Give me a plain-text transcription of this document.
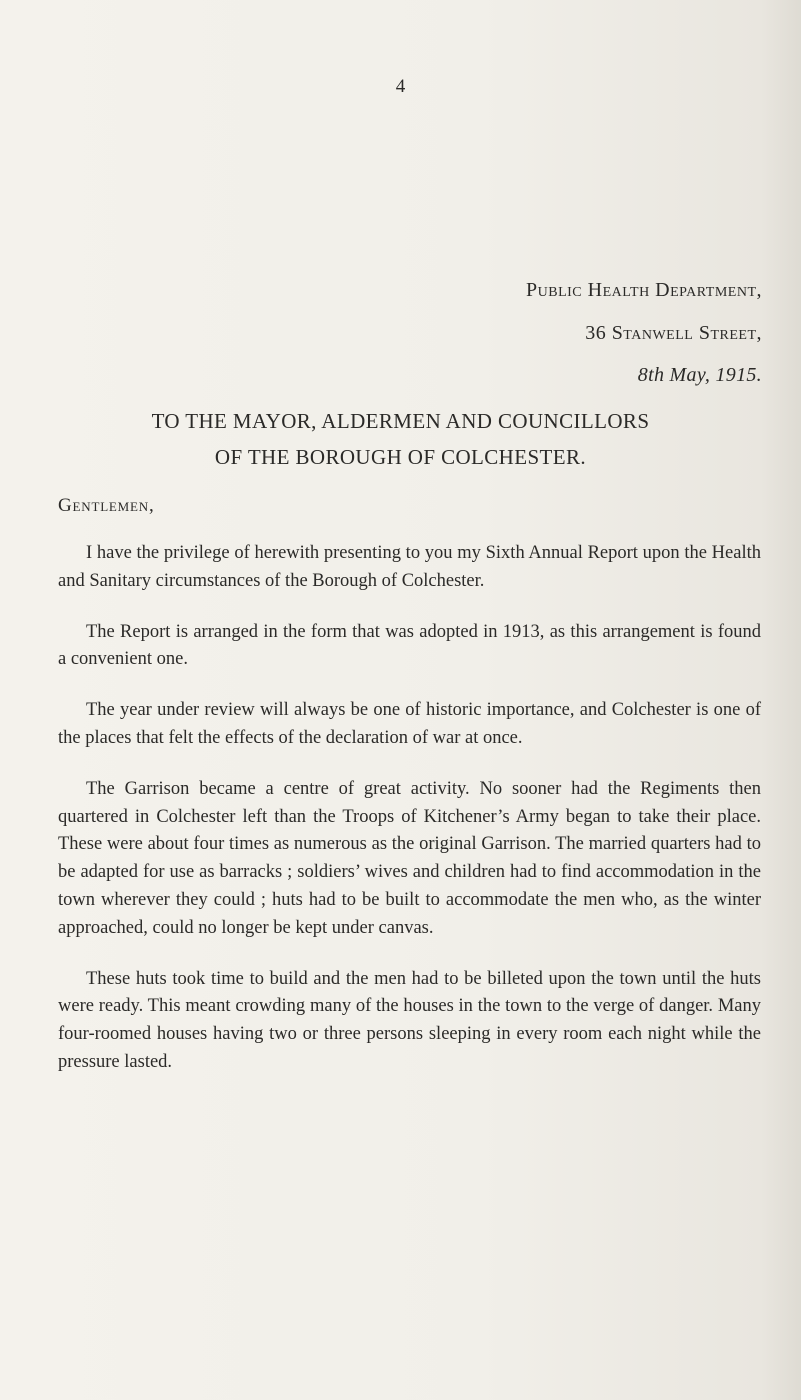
4
Public Health Department,
36 Stanwell Street,
8th May, 1915.
TO THE MAYOR, ALDERMEN AND COUNCILLORS
OF THE BOROUGH OF COLCHESTER.
Gentlemen,

I have the privilege of herewith presenting to you my Sixth Annual Report upon the Health and Sanitary circumstances of the Borough of Colchester.

The Report is arranged in the form that was adopted in 1913, as this arrangement is found a convenient one.

The year under review will always be one of historic importance, and Colchester is one of the places that felt the effects of the declaration of war at once.

The Garrison became a centre of great activity. No sooner had the Regiments then quartered in Colchester left than the Troops of Kitchener’s Army began to take their place. These were about four times as numerous as the original Garrison. The married quarters had to be adapted for use as barracks ; soldiers’ wives and children had to find accommodation in the town wherever they could ; huts had to be built to accommodate the men who, as the winter approached, could no longer be kept under canvas.

These huts took time to build and the men had to be billeted upon the town until the huts were ready. This meant crowding many of the houses in the town to the verge of danger. Many four-roomed houses having two or three persons sleeping in every room each night while the pressure lasted.
